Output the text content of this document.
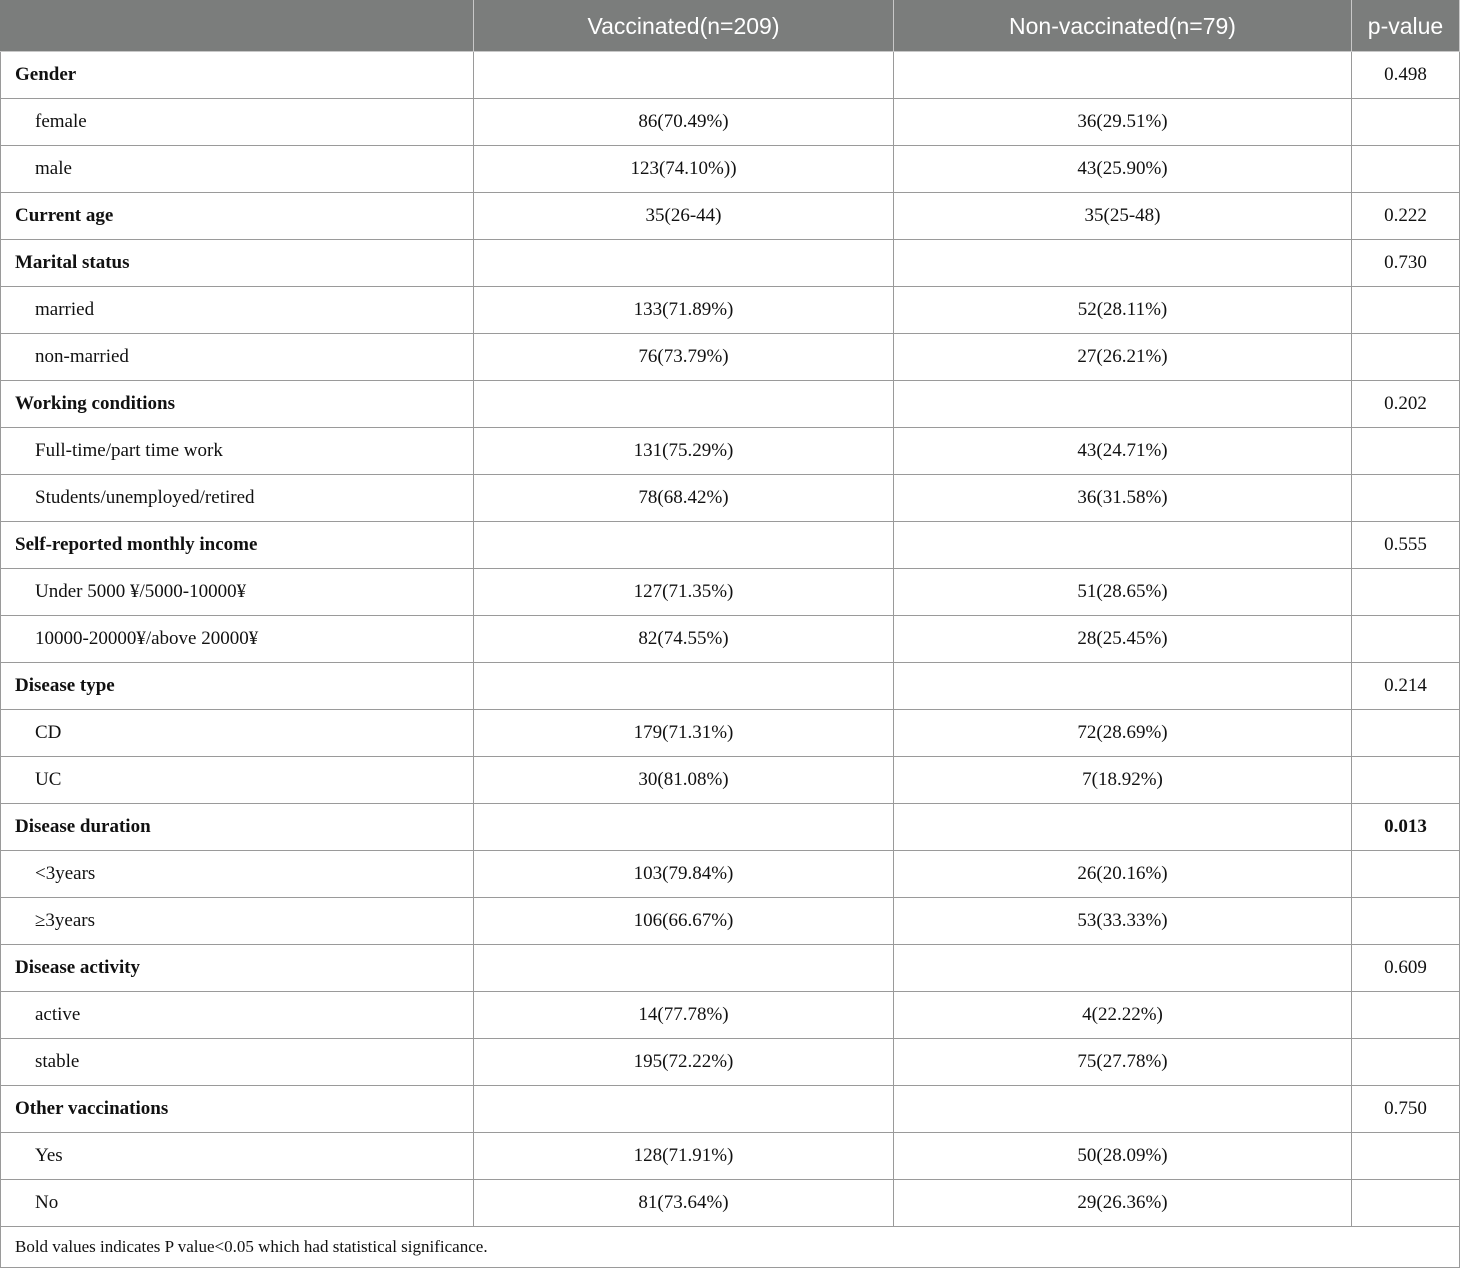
	Vaccinated(n=209)	Non-vaccinated(n=79)	p-value
Gender			0.498
female	86(70.49%)	36(29.51%)	
male	123(74.10%))	43(25.90%)	
Current age	35(26-44)	35(25-48)	0.222
Marital status			0.730
married	133(71.89%)	52(28.11%)	
non-married	76(73.79%)	27(26.21%)	
Working conditions			0.202
Full-time/part time work	131(75.29%)	43(24.71%)	
Students/unemployed/retired	78(68.42%)	36(31.58%)	
Self-reported monthly income			0.555
Under 5000 ¥/5000-10000¥	127(71.35%)	51(28.65%)	
10000-20000¥/above 20000¥	82(74.55%)	28(25.45%)	
Disease type			0.214
CD	179(71.31%)	72(28.69%)	
UC	30(81.08%)	7(18.92%)	
Disease duration			0.013
<3years	103(79.84%)	26(20.16%)	
≥3years	106(66.67%)	53(33.33%)	
Disease activity			0.609
active	14(77.78%)	4(22.22%)	
stable	195(72.22%)	75(27.78%)	
Other vaccinations			0.750
Yes	128(71.91%)	50(28.09%)	
No	81(73.64%)	29(26.36%)	
Bold values indicates P value<0.05 which had statistical significance.			
